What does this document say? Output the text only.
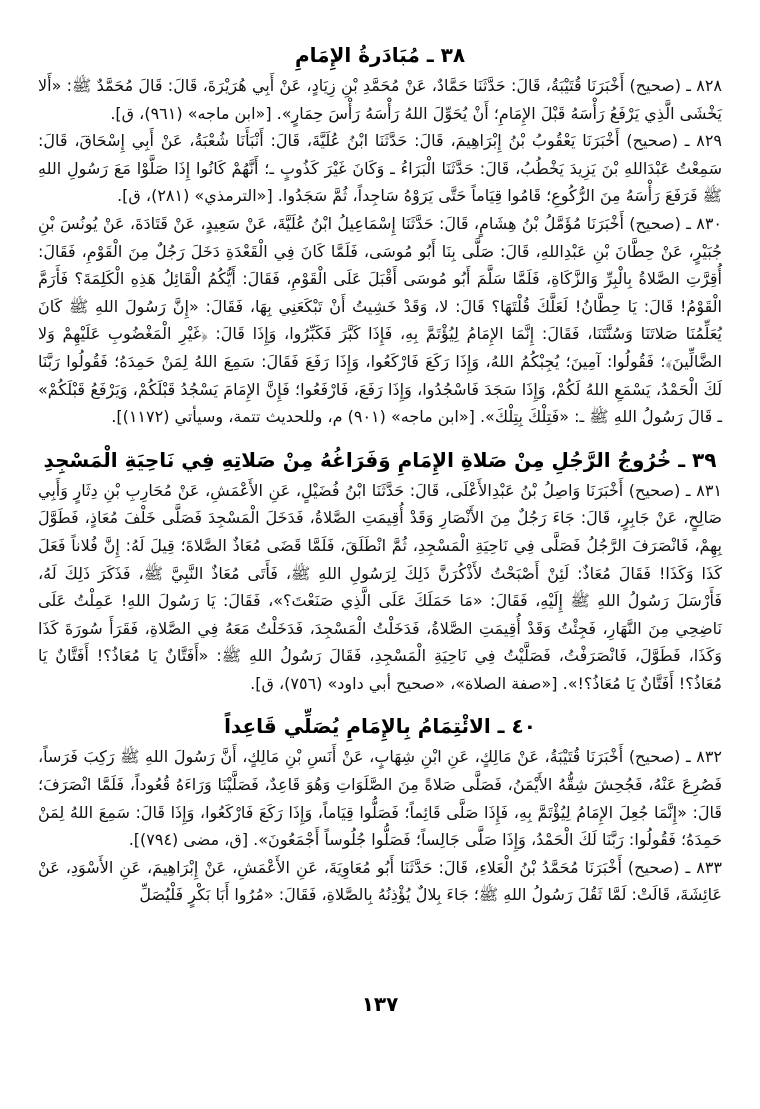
٣٨ ـ مُبَادَرةُ الإِمَامِ

٨٢٨ ـ (صحيح) أَخْبَرَنَا قُتَيْبَةُ، قَالَ: حَدَّثَنَا حَمَّادٌ، عَنْ مُحَمَّدِ بْنِ زِيَادٍ، عَنْ أَبِي هُرَيْرَةَ، قَالَ: قَالَ مُحَمَّدٌ ﷺ: «أَلا يَخْشَى الَّذِي يَرْفَعُ رَأْسَهُ قَبْلَ الإِمَامِ؛ أَنْ يُحَوِّلَ اللهُ رَأْسَهُ رَأْسَ حِمَارٍ». [«ابن ماجه» (٩٦١)، ق].

٨٢٩ ـ (صحيح) أَخْبَرَنَا يَعْقُوبُ بْنُ إِبْرَاهِيمَ، قَالَ: حَدَّثَنَا ابْنُ عُلَيَّةَ، قَالَ: أَنْبَأَنَا شُعْبَةُ، عَنْ أَبِي إِسْحَاقَ، قَالَ: سَمِعْتُ عَبْدَاللهِ بْنَ يَزِيدَ يَخْطُبُ، قَالَ: حَدَّثَنَا الْبَرَاءُ ـ وَكَانَ غَيْرَ كَذُوبٍ ـ؛ أَنَّهُمْ كَانُوا إِذَا صَلَّوْا مَعَ رَسُولِ اللهِ ﷺ فَرَفَعَ رَأْسَهُ مِنَ الرُّكُوعِ؛ قَامُوا قِيَاماً حَتَّى يَرَوْهُ سَاجِداً، ثُمَّ سَجَدُوا. [«الترمذي» (٢٨١)، ق].

٨٣٠ ـ (صحيح) أَخْبَرَنَا مُؤَمَّلُ بْنُ هِشَامٍ، قَالَ: حَدَّثَنَا إِسْمَاعِيلُ ابْنُ عُلَيَّةَ، عَنْ سَعِيدٍ، عَنْ قَتَادَةَ، عَنْ يُونُسَ بْنِ جُبَيْرٍ، عَنْ حِطَّانَ بْنِ عَبْدِاللهِ، قَالَ: صَلَّى بِنَا أَبُو مُوسَى، فَلَمَّا كَانَ فِي الْقَعْدَةِ دَخَلَ رَجُلٌ مِنَ الْقَوْمِ، فَقَالَ: أُقِرَّتِ الصَّلاةُ بِالْبِرِّ وَالزَّكَاةِ، فَلَمَّا سَلَّمَ أَبُو مُوسَى أَقْبَلَ عَلَى الْقَوْمِ، فَقَالَ: أَيُّكُمُ الْقَائِلُ هَذِهِ الْكَلِمَةَ؟ فَأَرَمَّ الْقَوْمُ! قَالَ: يَا حِطَّانُ! لَعَلَّكَ قُلْتَهَا؟ قَالَ: لا، وَقَدْ خَشِيتُ أَنْ تَبْكَعَنِي بِهَا، فَقَالَ: «إِنَّ رَسُولَ اللهِ ﷺ كَانَ يُعَلِّمُنَا صَلاتَنَا وَسُنَّتَنَا، فَقَالَ: إِنَّمَا الإِمَامُ لِيُؤْتَمَّ بِهِ، فَإِذَا كَبَّرَ فَكَبِّرُوا، وَإِذَا قَالَ: ﴿غَيْرِ الْمَغْضُوبِ عَلَيْهِمْ وَلا الضَّالِّينَ﴾؛ فَقُولُوا: آمِينَ؛ يُجِبْكُمُ اللهُ، وَإِذَا رَكَعَ فَارْكَعُوا، وَإِذَا رَفَعَ فَقَالَ: سَمِعَ اللهُ لِمَنْ حَمِدَهُ؛ فَقُولُوا رَبَّنَا لَكَ الْحَمْدُ، يَسْمَعِ اللهُ لَكُمْ، وَإِذَا سَجَدَ فَاسْجُدُوا، وَإِذَا رَفَعَ، فَارْفَعُوا؛ فَإِنَّ الإِمَامَ يَسْجُدُ قَبْلَكُمْ، وَيَرْفَعُ قَبْلَكُمْ» ـ قَالَ رَسُولُ اللهِ ﷺ ـ: «فَتِلْكَ بِتِلْكَ». [«ابن ماجه» (٩٠١) م، وللحديث تتمة، وسيأتي (١١٧٢)].

٣٩ ـ خُرُوجُ الرَّجُلِ مِنْ صَلاةِ الإِمَامِ وَفَرَاغُهُ مِنْ صَلاتِهِ فِي نَاحِيَةِ الْمَسْجِدِ

٨٣١ ـ (صحيح) أَخْبَرَنَا وَاصِلُ بْنُ عَبْدِالأَعْلَى، قَالَ: حَدَّثَنَا ابْنُ فُضَيْلٍ، عَنِ الأَعْمَشِ، عَنْ مُحَارِبِ بْنِ دِثَارٍ وَأَبِي صَالِحٍ، عَنْ جَابِرٍ، قَالَ: جَاءَ رَجُلٌ مِنَ الأَنْصَارِ وَقَدْ أُقِيمَتِ الصَّلاةُ، فَدَخَلَ الْمَسْجِدَ فَصَلَّى خَلْفَ مُعَاذٍ، فَطَوَّلَ بِهِمْ، فَانْصَرَفَ الرَّجُلُ فَصَلَّى فِي نَاحِيَةِ الْمَسْجِدِ، ثُمَّ انْطَلَقَ، فَلَمَّا قَضَى مُعَاذٌ الصَّلاةَ؛ قِيلَ لَهُ: إِنَّ فُلاناً فَعَلَ كَذَا وَكَذَا! فَقَالَ مُعَاذٌ: لَئِنْ أَصْبَحْتُ لأَذْكُرَنَّ ذَلِكَ لِرَسُولِ اللهِ ﷺ، فَأَتَى مُعَاذٌ النَّبِيَّ ﷺ، فَذَكَرَ ذَلِكَ لَهُ، فَأَرْسَلَ رَسُولُ اللهِ ﷺ إِلَيْهِ، فَقَالَ: «مَا حَمَلَكَ عَلَى الَّذِي صَنَعْتَ؟»، فَقَالَ: يَا رَسُولَ اللهِ! عَمِلْتُ عَلَى نَاضِحِي مِنَ النَّهَارِ، فَجِئْتُ وَقَدْ أُقِيمَتِ الصَّلاةُ، فَدَخَلْتُ الْمَسْجِدَ، فَدَخَلْتُ مَعَهُ فِي الصَّلاةِ، فَقَرَأَ سُورَةَ كَذَا وَكَذَا، فَطَوَّلَ، فَانْصَرَفْتُ، فَصَلَّيْتُ فِي نَاحِيَةِ الْمَسْجِدِ، فَقَالَ رَسُولُ اللهِ ﷺ: «أَفَتَّانٌ يَا مُعَاذُ؟! أَفَتَّانٌ يَا مُعَاذُ؟! أَفَتَّانٌ يَا مُعَاذُ؟!». [«صفة الصلاة»، «صحيح أبي داود» (٧٥٦)، ق].

٤٠ ـ الائْتِمَامُ بِالإِمَامِ يُصَلِّي قَاعِداً

٨٣٢ ـ (صحيح) أَخْبَرَنَا قُتَيْبَةُ، عَنْ مَالِكٍ، عَنِ ابْنِ شِهَابٍ، عَنْ أَنَسِ بْنِ مَالِكٍ، أَنَّ رَسُولَ اللهِ ﷺ رَكِبَ فَرَساً، فَصُرِعَ عَنْهُ، فَجُحِشَ شِقُّهُ الأَيْمَنُ، فَصَلَّى صَلاةً مِنَ الصَّلَوَاتِ وَهُوَ قَاعِدٌ، فَصَلَّيْنَا وَرَاءَهُ قُعُوداً، فَلَمَّا انْصَرَفَ؛ قَالَ: «إِنَّمَا جُعِلَ الإِمَامُ لِيُؤْتَمَّ بِهِ، فَإِذَا صَلَّى قَائِماً؛ فَصَلُّوا قِيَاماً، وَإِذَا رَكَعَ فَارْكَعُوا، وَإِذَا قَالَ: سَمِعَ اللهُ لِمَنْ حَمِدَهُ؛ فَقُولُوا: رَبَّنَا لَكَ الْحَمْدُ، وَإِذَا صَلَّى جَالِساً؛ فَصَلُّوا جُلُوساً أَجْمَعُونَ». [ق، مضى (٧٩٤)].

٨٣٣ ـ (صحيح) أَخْبَرَنَا مُحَمَّدُ بْنُ الْعَلاءِ، قَالَ: حَدَّثَنَا أَبُو مُعَاوِيَةَ، عَنِ الأَعْمَشِ، عَنْ إِبْرَاهِيمَ، عَنِ الأَسْوَدِ، عَنْ عَائِشَةَ، قَالَتْ: لَمَّا ثَقُلَ رَسُولُ اللهِ ﷺ؛ جَاءَ بِلالٌ يُؤْذِنُهُ بِالصَّلاةِ، فَقَالَ: «مُرُوا أَبَا بَكْرٍ فَلْيُصَلِّ

١٣٧
